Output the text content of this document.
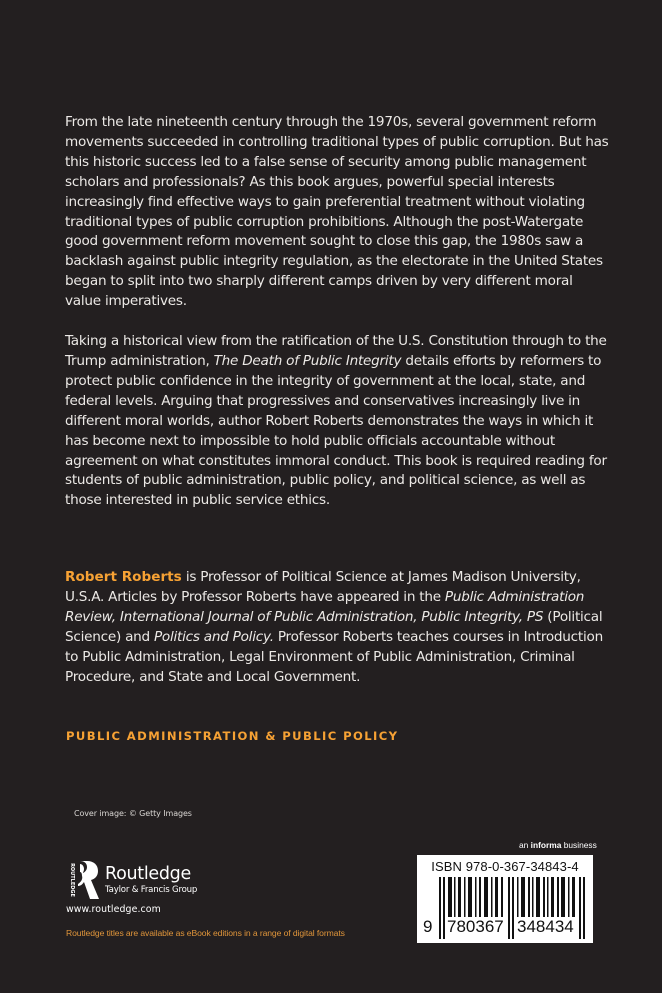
From the late nineteenth century through the 1970s, several government reform movements succeeded in controlling traditional types of public corruption. But has this historic success led to a false sense of security among public management scholars and professionals? As this book argues, powerful special interests increasingly find effective ways to gain preferential treatment without violating traditional types of public corruption prohibitions. Although the post-Watergate good government reform movement sought to close this gap, the 1980s saw a backlash against public integrity regulation, as the electorate in the United States began to split into two sharply different camps driven by very different moral value imperatives.

Taking a historical view from the ratification of the U.S. Constitution through to the Trump administration, The Death of Public Integrity details efforts by reformers to protect public confidence in the integrity of government at the local, state, and federal levels. Arguing that progressives and conservatives increasingly live in different moral worlds, author Robert Roberts demonstrates the ways in which it has become next to impossible to hold public officials accountable without agreement on what constitutes immoral conduct. This book is required reading for students of public administration, public policy, and political science, as well as those interested in public service ethics.

Robert Roberts is Professor of Political Science at James Madison University, U.S.A. Articles by Professor Roberts have appeared in the Public Administration Review, International Journal of Public Administration, Public Integrity, PS (Political Science) and Politics and Policy. Professor Roberts teaches courses in Introduction to Public Administration, Legal Environment of Public Administration, Criminal Procedure, and State and Local Government.

PUBLIC ADMINISTRATION & PUBLIC POLICY
Cover image: © Getty Images
ROUTLEDGE Routledge
Taylor & Francis Group
www.routledge.com
Routledge titles are available as eBook editions in a range of digital formats
an informa business
ISBN 978-0-367-34843-4
9 780367 348434
